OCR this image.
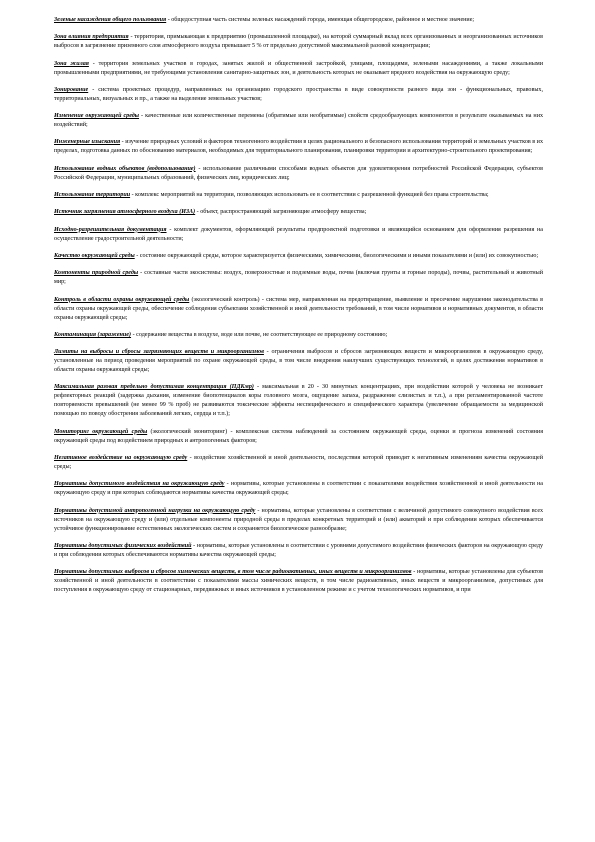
Зеленые насаждения общего пользования - общедоступная часть системы зеленых насаждений города, имеющая общегородское, районное и местное значение;
Зона влияния предприятия - территория, примыкающая к предприятию (промышленной площадке), на которой суммарный вклад всех организованных и неорганизованных источников выбросов в загрязнение приземного слоя атмосферного воздуха превышает 5 % от предельно допустимой максимальной разовой концентрации;
Зона жилая - территория земельных участков в городах, занятых жилой и общественной застройкой, улицами, площадями, зелеными насаждениями, а также локальными промышленными предприятиями, не требующими установления санитарно-защитных зон, и деятельность которых не оказывает вредного воздействия на окружающую среду;
Зонирование - система проектных процедур, направленных на организацию городского пространства в виде совокупности разного вида зон - функциональных, правовых, территориальных, визуальных и пр., а также на выделение земельных участков;
Изменение окружающей среды - качественные или количественные перемены (обратимые или необратимые) свойств средообразующих компонентов в результате оказываемых на них воздействий;
Инженерные изыскания - изучение природных условий и факторов техногенного воздействия в целях рационального и безопасного использования территорий и земельных участков в их пределах, подготовка данных по обоснованию материалов, необходимых для территориального планирования, планировки территории и архитектурно-строительного проектирования;
Использование водных объектов (водопользование) - использование различными способами водных объектов для удовлетворения потребностей Российской Федерации, субъектов Российской Федерации, муниципальных образований, физических лиц, юридических лиц;
Использование территории - комплекс мероприятий на территории, позволяющих использовать ее в соответствии с разрешенной функцией без права строительства;
Источник загрязнения атмосферного воздуха (ИЗА) - объект, распространяющий загрязняющие атмосферу вещества;
Исходно-разрешительная документация - комплект документов, оформляющий результаты предпроектной подготовки и являющийся основанием для оформления разрешения на осуществление градостроительной деятельности;
Качество окружающей среды - состояние окружающей среды, которое характеризуется физическими, химическими, биологическими и иными показателями и (или) их совокупностью;
Компоненты природной среды - составные части экосистемы: воздух, поверхностные и подземные воды, почва (включая грунты и горные породы), почвы, растительный и животный мир;
Контроль в области охраны окружающей среды (экологический контроль) - система мер, направленная на предотвращение, выявление и пресечение нарушения законодательства в области охраны окружающей среды, обеспечение соблюдения субъектами хозяйственной и иной деятельности требований, в том числе нормативов и нормативных документов, в области охраны окружающей среды;
Контаминация (заражение) - содержание вещества в воздухе, воде или почве, не соответствующее ее природному состоянию;
Лимиты на выбросы и сбросы загрязняющих веществ и микроорганизмов - ограничения выбросов и сбросов загрязняющих веществ и микроорганизмов в окружающую среду, установленные на период проведения мероприятий по охране окружающей среды, в том числе внедрения наилучших существующих технологий, в целях достижения нормативов в области охраны окружающей среды;
Максимальная разовая предельно допустимая концентрация (ПДКмр) - максимальная в 20 - 30 минутных концентрациях, при воздействии которой у человека не возникает рефлекторных реакций (задержка дыхания, изменение биопотенциалов коры головного мозга, ощущение запаха, раздражение слизистых и т.п.), а при регламентированной частоте повторяемости превышений (не менее 99 % проб) не развиваются токсические эффекты неспецифического и специфического характера (увеличение обращаемости за медицинской помощью по поводу обострения заболеваний легких, сердца и т.п.);
Мониторинг окружающей среды (экологический мониторинг) - комплексная система наблюдений за состоянием окружающей среды, оценки и прогноза изменений состояния окружающей среды под воздействием природных и антропогенных факторов;
Негативное воздействие на окружающую среду - воздействие хозяйственной и иной деятельности, последствия которой приводят к негативным изменениям качества окружающей среды;
Нормативы допустимого воздействия на окружающую среду - нормативы, которые установлены в соответствии с показателями воздействия хозяйственной и иной деятельности на окружающую среду и при которых соблюдаются нормативы качества окружающей среды;
Нормативы допустимой антропогенной нагрузки на окружающую среду - нормативы, которые установлены в соответствии с величиной допустимого совокупного воздействия всех источников на окружающую среду и (или) отдельные компоненты природной среды в пределах конкретных территорий и (или) акваторий и при соблюдении которых обеспечивается устойчивое функционирование естественных экологических систем и сохраняется биологическое разнообразие;
Нормативы допустимых физических воздействий - нормативы, которые установлены в соответствии с уровнями допустимого воздействия физических факторов на окружающую среду и при соблюдении которых обеспечиваются нормативы качества окружающей среды;
Нормативы допустимых выбросов и сбросов химических веществ, в том числе радиоактивных, иных веществ и микроорганизмов - нормативы, которые установлены для субъектов хозяйственной и иной деятельности в соответствии с показателями массы химических веществ, в том числе радиоактивных, иных веществ и микроорганизмов, допустимых для поступления в окружающую среду от стационарных, передвижных и иных источников в установленном режиме и с учетом технологических нормативов, и при
